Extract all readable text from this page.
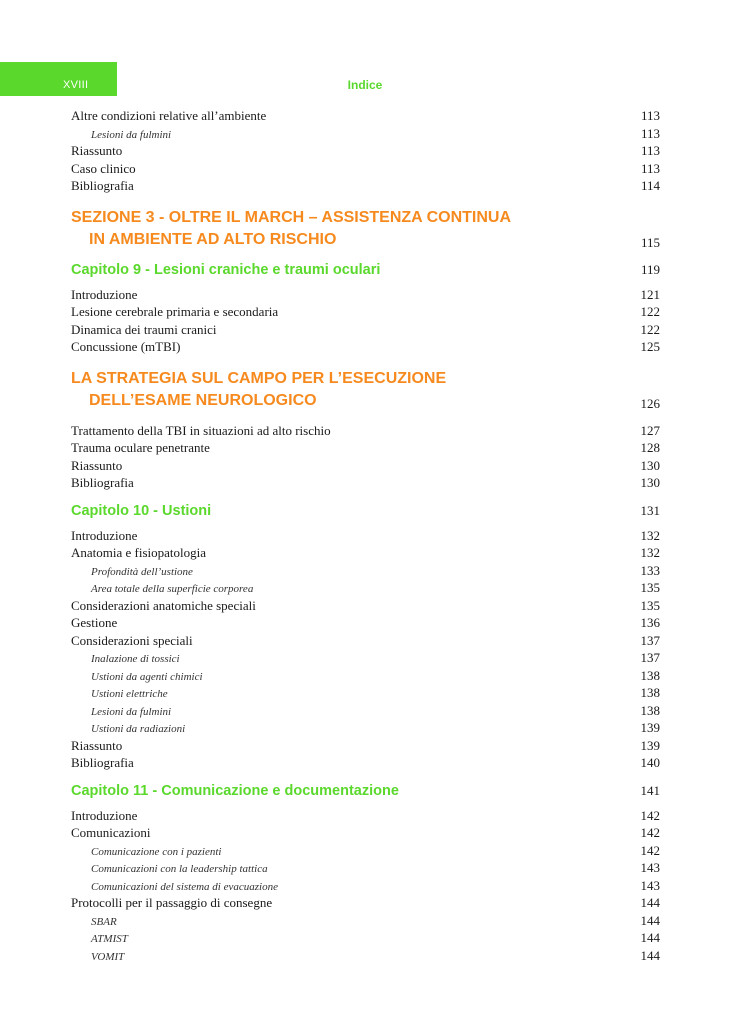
XVIII	Indice
Altre condizioni relative all’ambiente	113
Lesioni da fulmini	113
Riassunto	113
Caso clinico	113
Bibliografia	114
SEZIONE 3 - OLTRE IL MARCH – ASSISTENZA CONTINUA
IN AMBIENTE AD ALTO RISCHIO	115
Capitolo 9 - Lesioni craniche e traumi oculari	119
Introduzione	121
Lesione cerebrale primaria e secondaria	122
Dinamica dei traumi cranici	122
Concussione (mTBI)	125
LA STRATEGIA SUL CAMPO PER L’ESECUZIONE
DELL’ESAME NEUROLOGICO	126
Trattamento della TBI in situazioni ad alto rischio	127
Trauma oculare penetrante	128
Riassunto	130
Bibliografia	130
Capitolo 10 - Ustioni	131
Introduzione	132
Anatomia e fisiopatologia	132
Profondità dell’ustione	133
Area totale della superficie corporea	135
Considerazioni anatomiche speciali	135
Gestione	136
Considerazioni speciali	137
Inalazione di tossici	137
Ustioni da agenti chimici	138
Ustioni elettriche	138
Lesioni da fulmini	138
Ustioni da radiazioni	139
Riassunto	139
Bibliografia	140
Capitolo 11 - Comunicazione e documentazione	141
Introduzione	142
Comunicazioni	142
Comunicazione con i pazienti	142
Comunicazioni con la leadership tattica	143
Comunicazioni del sistema di evacuazione	143
Protocolli per il passaggio di consegne	144
SBAR	144
ATMIST	144
VOMIT	144
